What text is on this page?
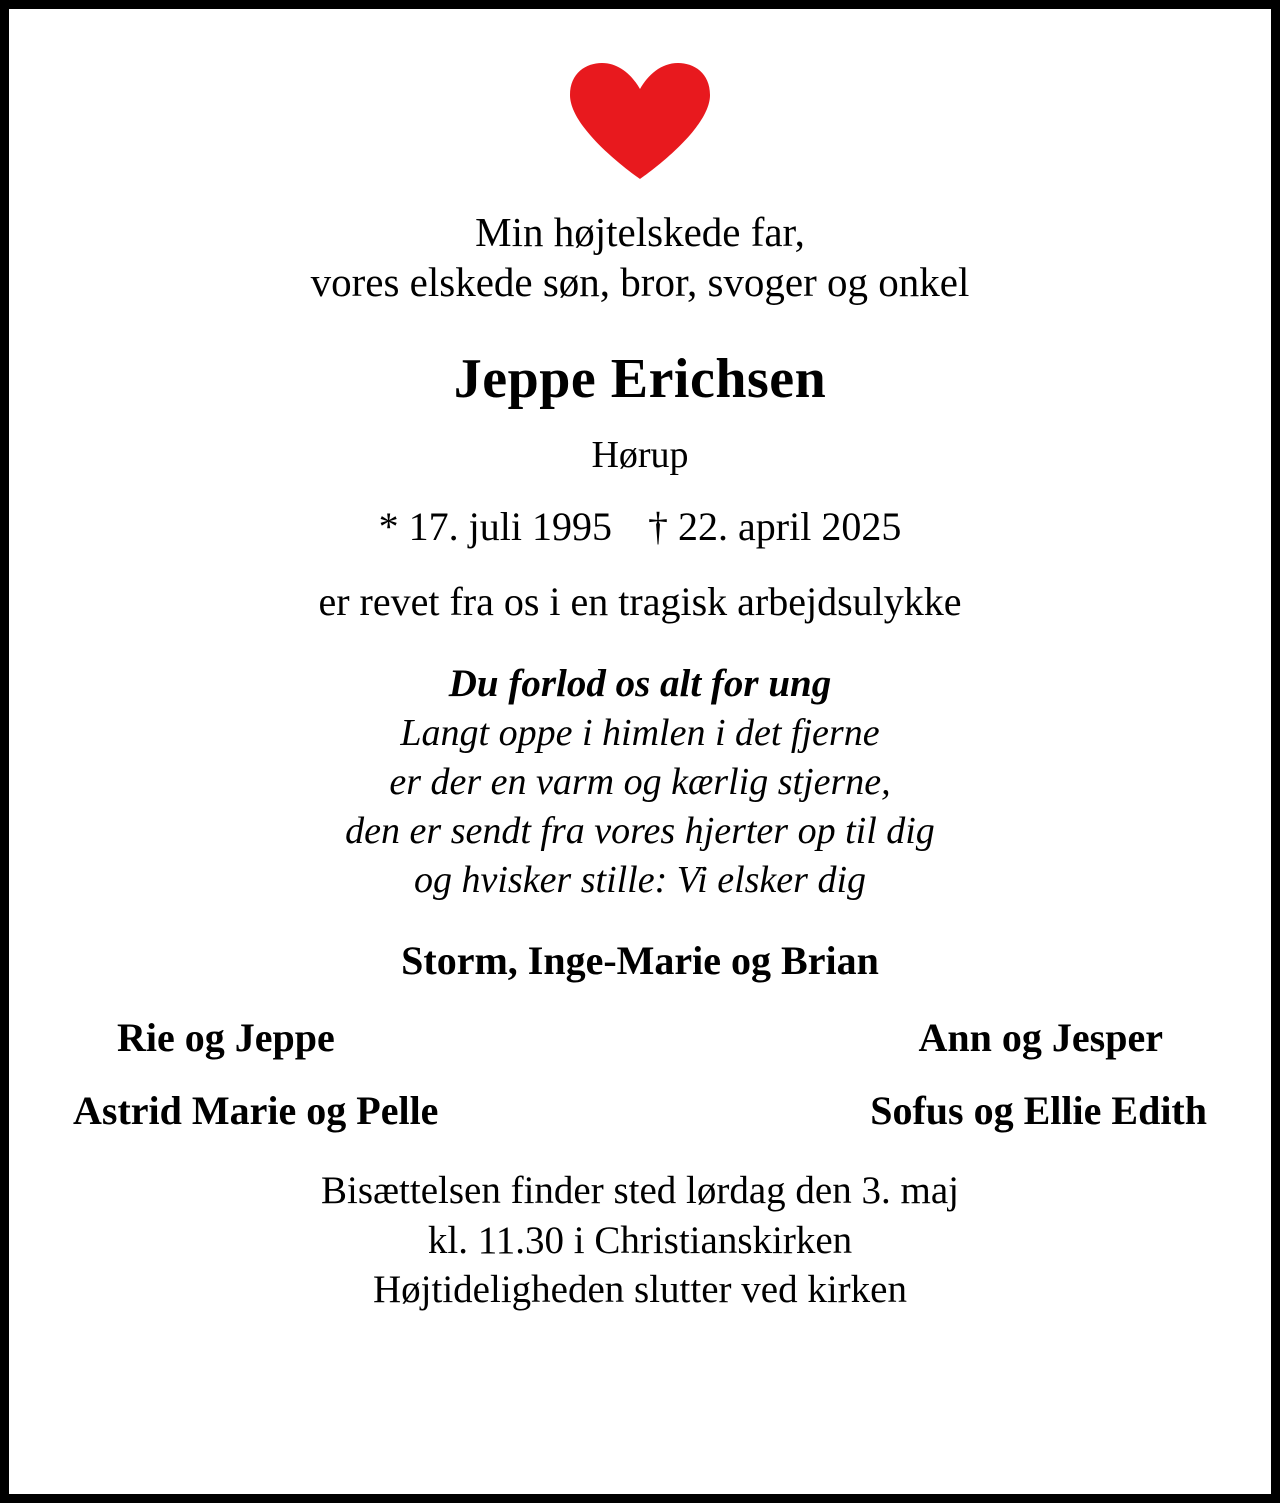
Min højtelskede far,
vores elskede søn, bror, svoger og onkel
Jeppe Erichsen
Hørup
* 17. juli 1995 † 22. april 2025
er revet fra os i en tragisk arbejdsulykke
Du forlod os alt for ung
Langt oppe i himlen i det fjerne
er der en varm og kærlig stjerne,
den er sendt fra vores hjerter op til dig
og hvisker stille: Vi elsker dig
Storm, Inge-Marie og Brian
Rie og Jeppe	Ann og Jesper
Astrid Marie og Pelle	Sofus og Ellie Edith
Bisættelsen finder sted lørdag den 3. maj
kl. 11.30 i Christianskirken
Højtideligheden slutter ved kirken
